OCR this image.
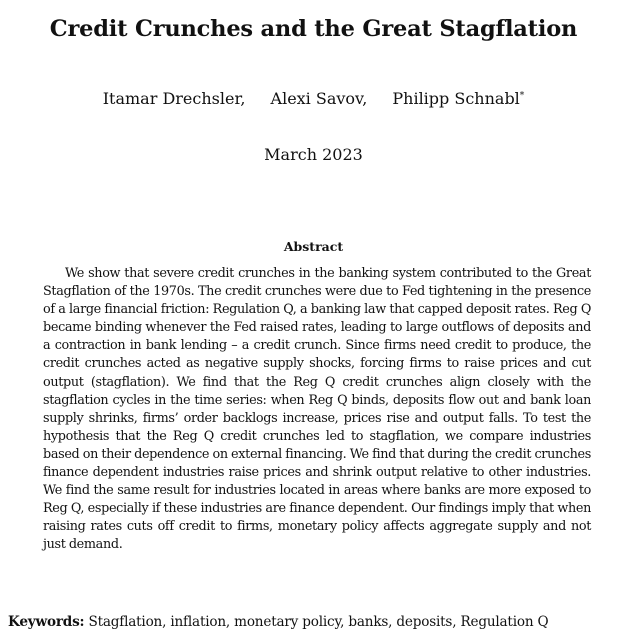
Credit Crunches and the Great Stagflation
Itamar Drechsler, Alexi Savov, Philipp Schnabl*
March 2023
Abstract
We show that severe credit crunches in the banking system contributed to the Great Stagflation of the 1970s. The credit crunches were due to Fed tightening in the presence of a large financial friction: Regulation Q, a banking law that capped deposit rates. Reg Q became binding whenever the Fed raised rates, leading to large outflows of deposits and a contraction in bank lending – a credit crunch. Since firms need credit to produce, the credit crunches acted as negative supply shocks, forcing firms to raise prices and cut output (stagflation). We find that the Reg Q credit crunches align closely with the stagflation cycles in the time series: when Reg Q binds, deposits flow out and bank loan supply shrinks, firms’ order backlogs increase, prices rise and output falls. To test the hypothesis that the Reg Q credit crunches led to stagflation, we compare industries based on their dependence on external financing. We find that during the credit crunches finance dependent industries raise prices and shrink output relative to other industries. We find the same result for industries located in areas where banks are more exposed to Reg Q, especially if these industries are finance dependent. Our findings imply that when raising rates cuts off credit to firms, monetary policy affects aggregate supply and not just demand.
Keywords: Stagflation, inflation, monetary policy, banks, deposits, Regulation Q
